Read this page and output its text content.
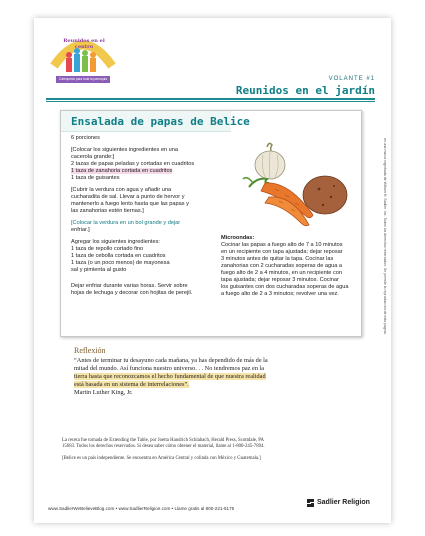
Reunidos en el centro
Catequesis para toda la parroquia	VOLANTE #1
Reunidos en el jardín
Ensalada de papas de Belice
6 porciones
[Colocar los siguientes ingredientes en una
cacerola grande:]
2 tazas de papas peladas y cortadas en cuadritos
1 taza de zanahoria cortada en cuadritos
1 taza de guisantes
[Cubrir la verdura con agua y añadir una
cucharadita de sal. Llevar a punto de hervor y
mantenerlo a fuego lento hasta que las papas y
las zanahorias estén tiernas.]
[Colocar la verdura en un bol grande y dejar
enfriar.]
Agregar los siguientes ingredientes:
1 taza de repollo cortado fino
1 taza de cebolla cortada en cuadritos
1 taza (o un poco menos) de mayonesa
sal y pimienta al gusto
Dejar enfriar durante varias horas. Servir sobre
hojas de lechuga y decorar con hojitas de perejil.
Microondas:
Cocinar las papas a fuego alto de 7 a 10 minutos
en un recipiente con tapa ajustada; dejar reposar
3 minutos antes de quitar la tapa. Cocinar las
zanahorias con 2 cucharadas soperas de agua a
fuego alto de 2 a 4 minutos, en un recipiente con
tapa ajustada; dejar reposar 3 minutos. Cocinar
los guisantes con dos cucharadas soperas de agua
a fuego alto de 2 a 3 minutos; revolver una vez.
Reflexión
“Antes de terminar tu desayuno cada mañana, ya has dependido de más de la
mitad del mundo. Así funciona nuestro universo. . . No tendremos paz en la
tierra hasta que reconozcamos el hecho fundamental de que nuestra realidad
está basada en un sistema de interrelaciones”.
Martin Luther King, Jr.
La receta fue tomada de Extending the Table, por Joetta Handrich Schlabach, Herald Press, Scottdale, PA
15683. Todos los derechos reservados. Si desea saber cómo obtener el material, llame al 1-800-245-7894.
[Belice es un país independiente. Se encuentra en América Central y colinda con México y Guatemala.]
www.SadlierWeBelieveBlog.com • www.SadlierReligion.com • Llame gratis al 800-221-5175
Sadlier Religion
es una marca registrada de William H. Sadlier, Inc. Todos los derechos reservados. Se permite la reproducción de esta página.
